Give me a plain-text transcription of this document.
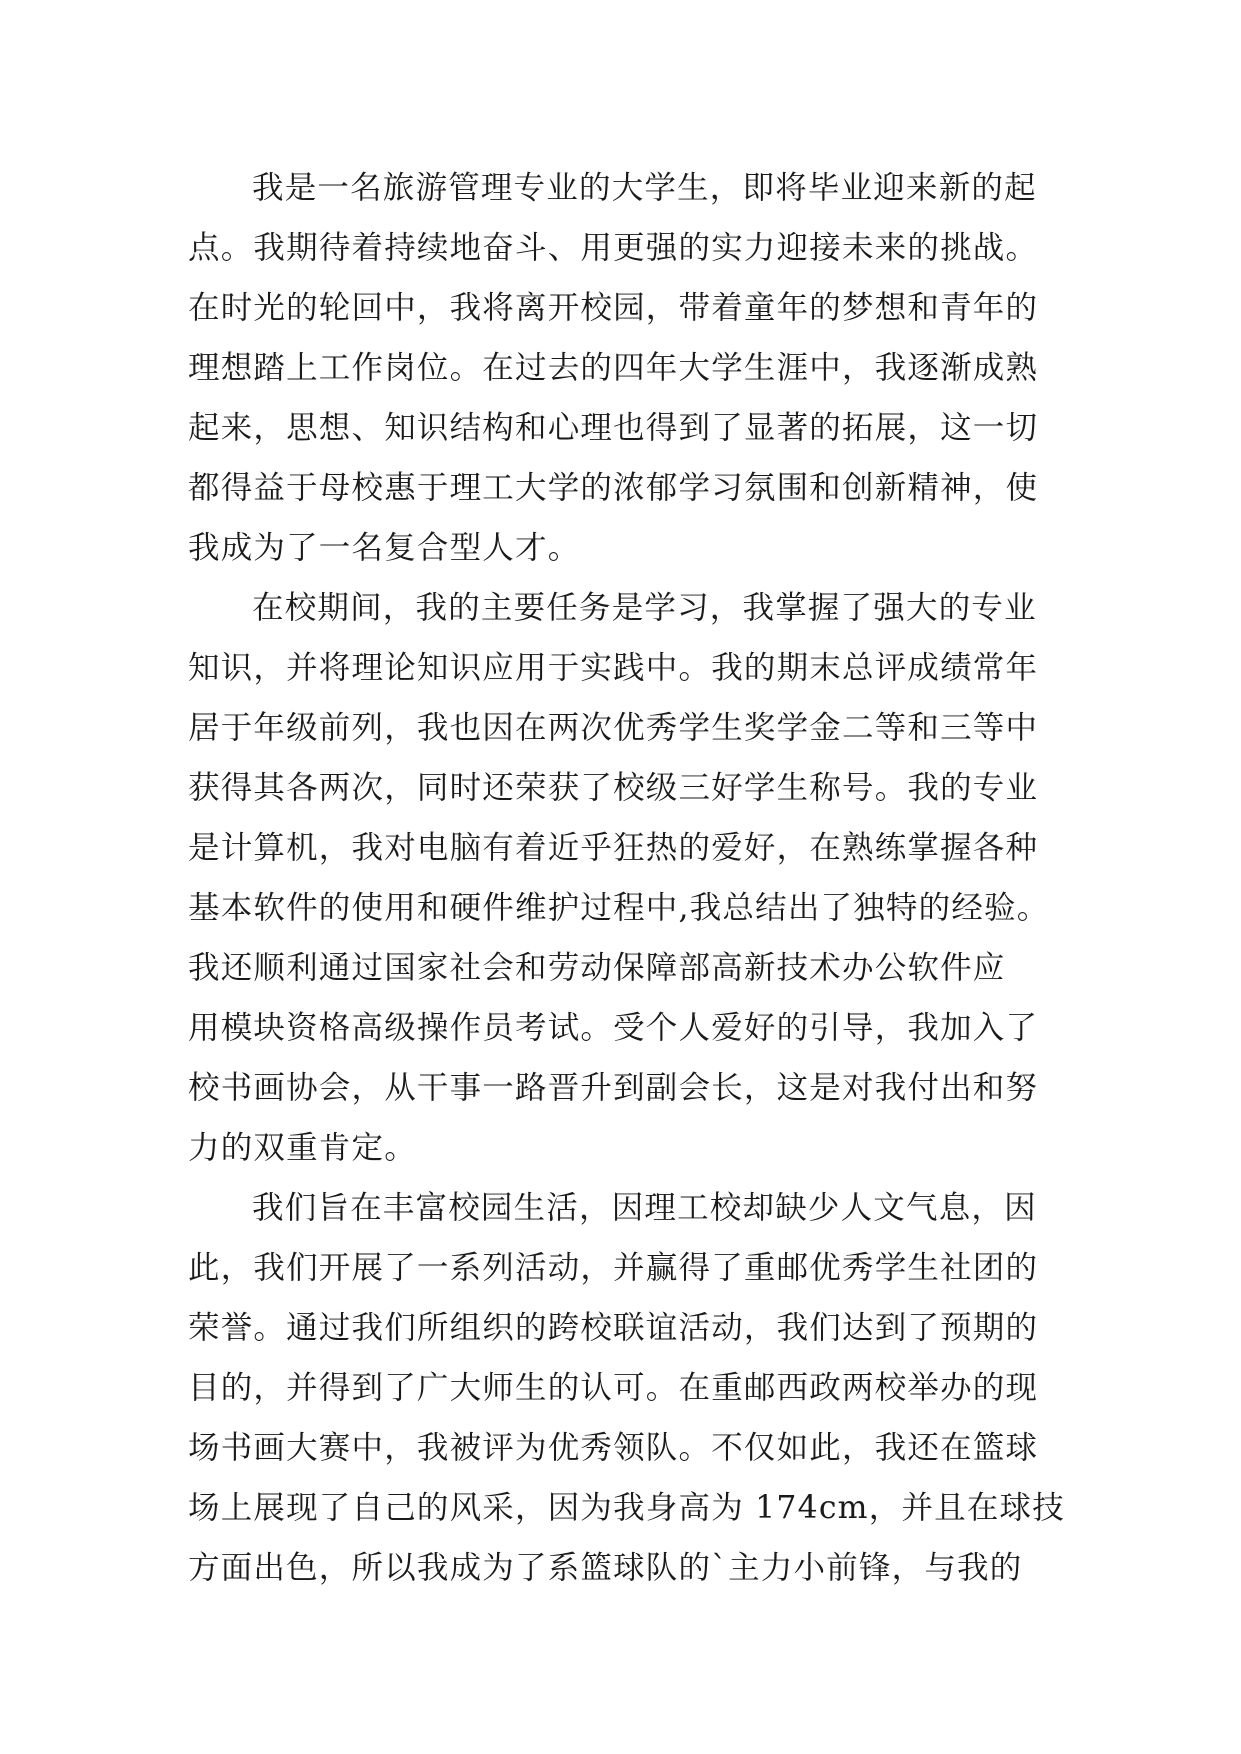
我是一名旅游管理专业的大学生，即将毕业迎来新的起
点。我期待着持续地奋斗、用更强的实力迎接未来的挑战。
在时光的轮回中，我将离开校园，带着童年的梦想和青年的
理想踏上工作岗位。在过去的四年大学生涯中，我逐渐成熟
起来，思想、知识结构和心理也得到了显著的拓展，这一切
都得益于母校惠于理工大学的浓郁学习氛围和创新精神，使
我成为了一名复合型人才。
在校期间，我的主要任务是学习，我掌握了强大的专业
知识，并将理论知识应用于实践中。我的期末总评成绩常年
居于年级前列，我也因在两次优秀学生奖学金二等和三等中
获得其各两次，同时还荣获了校级三好学生称号。我的专业
是计算机，我对电脑有着近乎狂热的爱好，在熟练掌握各种
基本软件的使用和硬件维护过程中,我总结出了独特的经验。
我还顺利通过国家社会和劳动保障部高新技术办公软件应
用模块资格高级操作员考试。受个人爱好的引导，我加入了
校书画协会，从干事一路晋升到副会长，这是对我付出和努
力的双重肯定。
我们旨在丰富校园生活，因理工校却缺少人文气息，因
此，我们开展了一系列活动，并赢得了重邮优秀学生社团的
荣誉。通过我们所组织的跨校联谊活动，我们达到了预期的
目的，并得到了广大师生的认可。在重邮西政两校举办的现
场书画大赛中，我被评为优秀领队。不仅如此，我还在篮球
场上展现了自己的风采，因为我身高为 174cm，并且在球技
方面出色，所以我成为了系篮球队的`主力小前锋，与我的
